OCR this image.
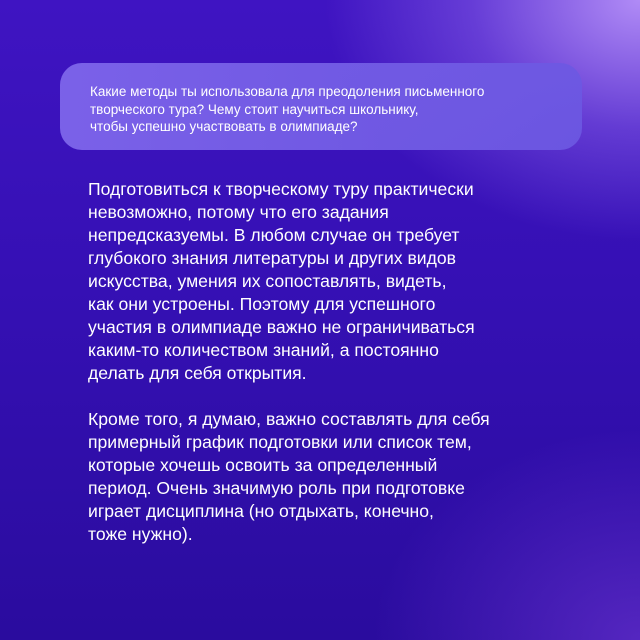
Какие методы ты использовала для преодоления письменного
творческого тура? Чему стоит научиться школьнику,
чтобы успешно участвовать в олимпиаде?

Подготовиться к творческому туру практически
невозможно, потому что его задания
непредсказуемы. В любом случае он требует
глубокого знания литературы и других видов
искусства, умения их сопоставлять, видеть,
как они устроены. Поэтому для успешного
участия в олимпиаде важно не ограничиваться
каким-то количеством знаний, а постоянно
делать для себя открытия.

Кроме того, я думаю, важно составлять для себя
примерный график подготовки или список тем,
которые хочешь освоить за определенный
период. Очень значимую роль при подготовке
играет дисциплина (но отдыхать, конечно,
тоже нужно).
